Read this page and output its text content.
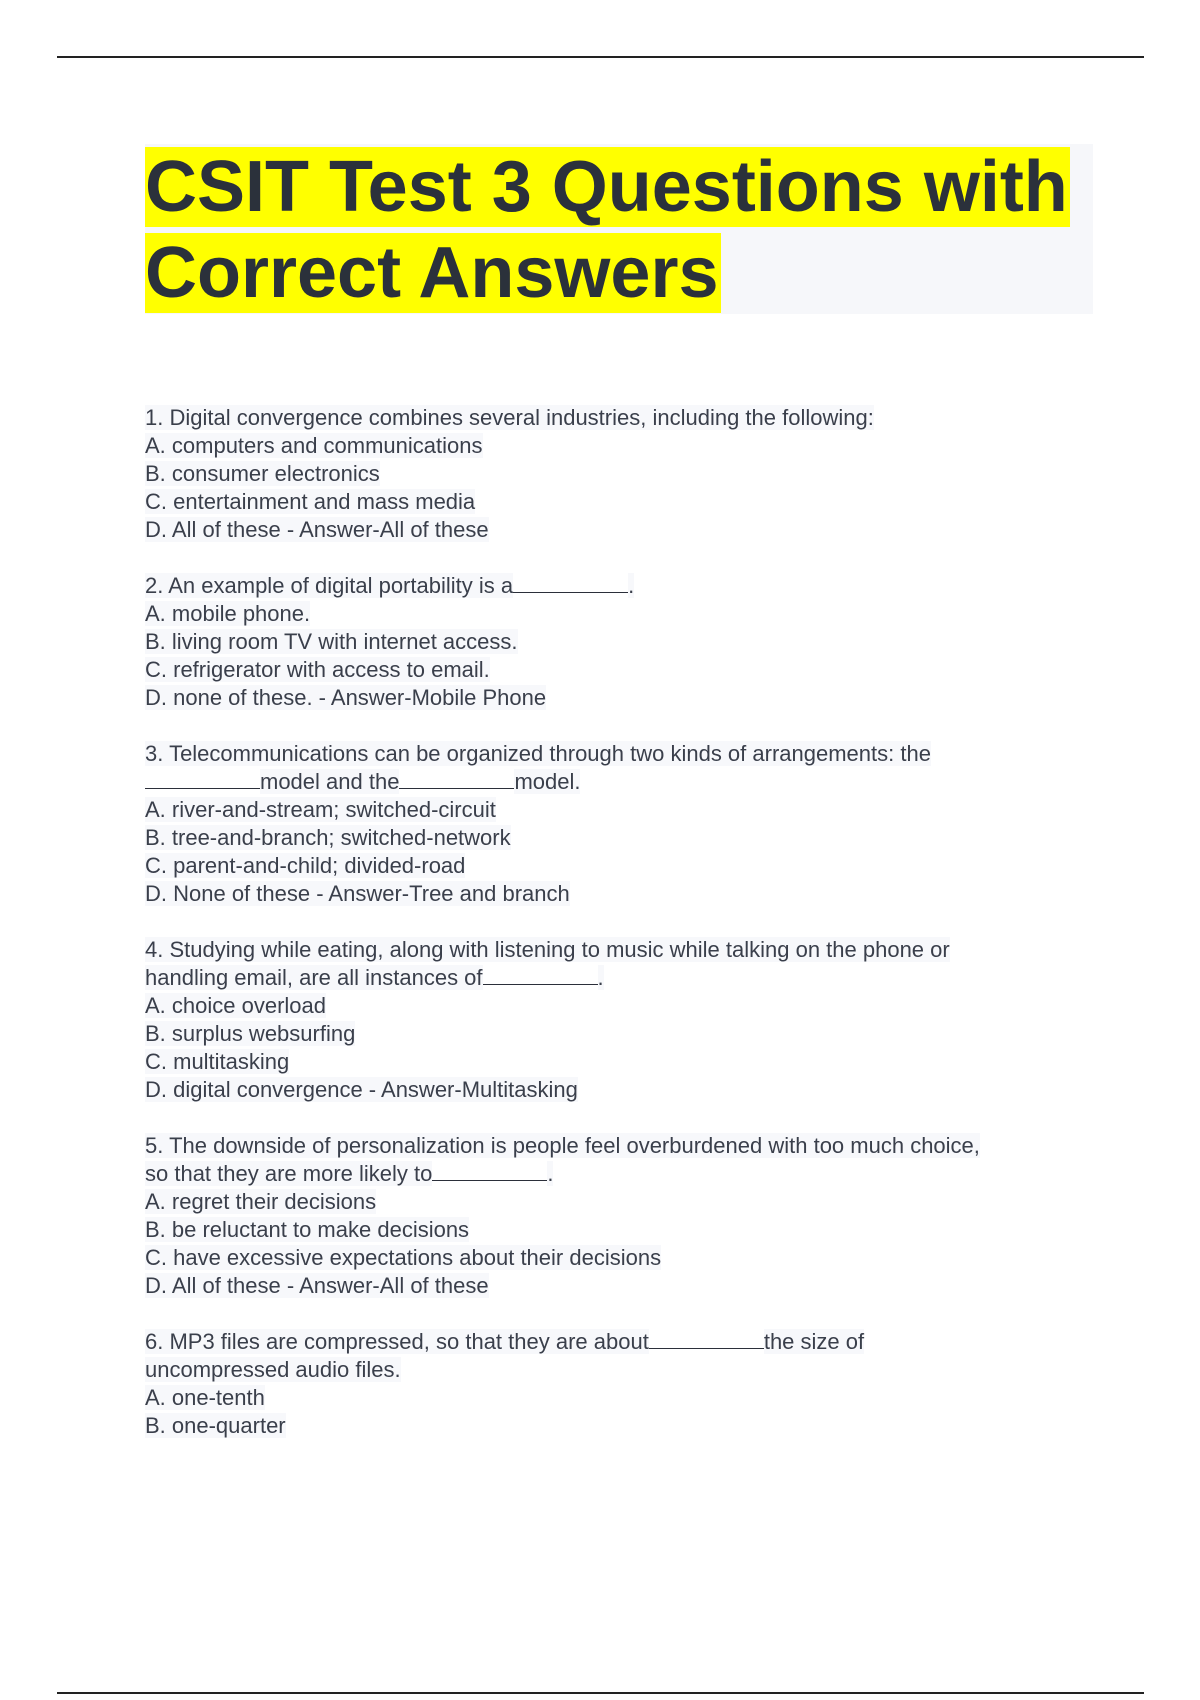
CSIT Test 3 Questions with
Correct Answers
1. Digital convergence combines several industries, including the following:
A. computers and communications
B. consumer electronics
C. entertainment and mass media
D. All of these - Answer-All of these
2. An example of digital portability is a	.
A. mobile phone.
B. living room TV with internet access.
C. refrigerator with access to email.
D. none of these. - Answer-Mobile Phone
3. Telecommunications can be organized through two kinds of arrangements: the
model and the	model.
A. river-and-stream; switched-circuit
B. tree-and-branch; switched-network
C. parent-and-child; divided-road
D. None of these - Answer-Tree and branch
4. Studying while eating, along with listening to music while talking on the phone or
handling email, are all instances of	.
A. choice overload
B. surplus websurfing
C. multitasking
D. digital convergence - Answer-Multitasking
5. The downside of personalization is people feel overburdened with too much choice,
so that they are more likely to	.
A. regret their decisions
B. be reluctant to make decisions
C. have excessive expectations about their decisions
D. All of these - Answer-All of these
6. MP3 files are compressed, so that they are about	the size of
uncompressed audio files.
A. one-tenth
B. one-quarter
